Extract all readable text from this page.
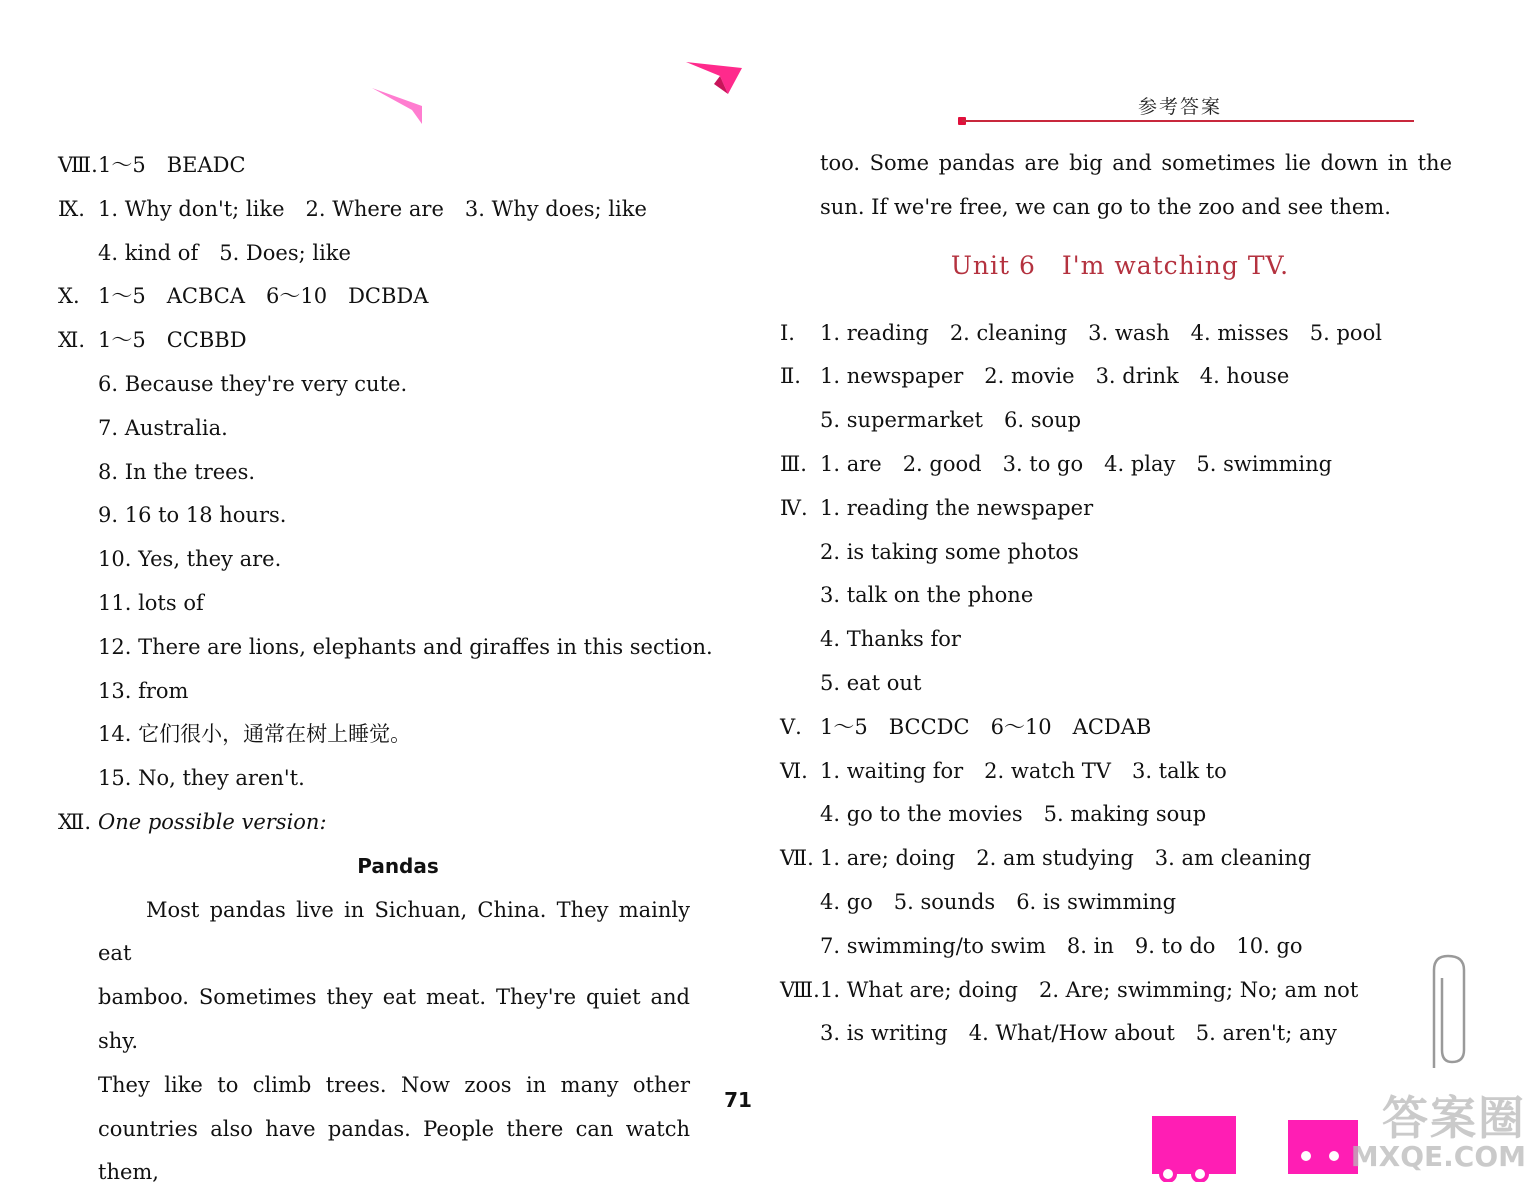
参考答案
Ⅷ. 1～5　BEADC
Ⅸ. 1. Why don't; like　2. Where are　3. Why does; like
4. kind of　5. Does; like
Ⅹ. 1～5　ACBCA　6～10　DCBDA
Ⅺ. 1～5　CCBBD
6. Because they're very cute.
7. Australia.
8. In the trees.
9. 16 to 18 hours.
10. Yes, they are.
11. lots of
12. There are lions, elephants and giraffes in this section.
13. from
14. 它们很小，通常在树上睡觉。
15. No, they aren't.
Ⅻ. One possible version:
Pandas

Most pandas live in Sichuan, China. They mainly eat

bamboo. Sometimes they eat meat. They're quiet and shy.

They like to climb trees. Now zoos in many other

countries also have pandas. People there can watch them,

too. Some pandas are big and sometimes lie down in the

sun. If we're free, we can go to the zoo and see them.

Unit 6　I'm watching TV.
Ⅰ.	1. reading　2. cleaning　3. wash　4. misses　5. pool
Ⅱ. 1. newspaper　2. movie　3. drink　4. house
5. supermarket　6. soup
Ⅲ. 1. are　2. good　3. to go　4. play　5. swimming
Ⅳ. 1. reading the newspaper
2. is taking some photos
3. talk on the phone
4. Thanks for
5. eat out
Ⅴ. 1～5　BCCDC　6～10　ACDAB
Ⅵ. 1. waiting for　2. watch TV　3. talk to
4. go to the movies　5. making soup
Ⅶ. 1. are; doing　2. am studying　3. am cleaning
4. go　5. sounds　6. is swimming
7. swimming/to swim　8. in　9. to do　10. go
Ⅷ. 1. What are; doing　2. Are; swimming; No; am not
3. is writing　4. What/How about　5. aren't; any
71	答案圈
MXQE.COM
